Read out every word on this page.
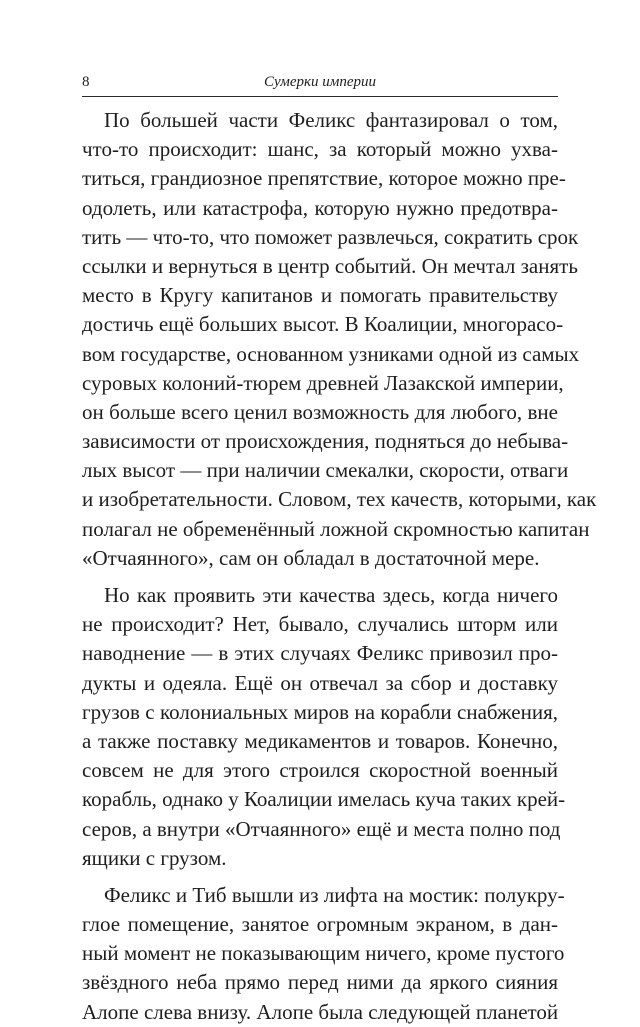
8	Сумерки империи
По большей части Феликс фантазировал о том,
что-то происходит: шанс, за который можно ухва-
титься, грандиозное препятствие, которое можно пре-
одолеть, или катастрофа, которую нужно предотвра-
тить — что-то, что поможет развлечься, сократить срок
ссылки и вернуться в центр событий. Он мечтал занять
место в Кругу капитанов и помогать правительству
достичь ещё больших высот. В Коалиции, многорасо-
вом государстве, основанном узниками одной из самых
суровых колоний-тюрем древней Лазакской империи,
он больше всего ценил возможность для любого, вне
зависимости от происхождения, подняться до небыва-
лых высот — при наличии смекалки, скорости, отваги
и изобретательности. Словом, тех качеств, которыми, как
полагал не обременённый ложной скромностью капитан
«Отчаянного», сам он обладал в достаточной мере.
Но как проявить эти качества здесь, когда ничего
не происходит? Нет, бывало, случались шторм или
наводнение — в этих случаях Феликс привозил про-
дукты и одеяла. Ещё он отвечал за сбор и доставку
грузов с колониальных миров на корабли снабжения,
а также поставку медикаментов и товаров. Конечно,
совсем не для этого строился скоростной военный
корабль, однако у Коалиции имелась куча таких крей-
серов, а внутри «Отчаянного» ещё и места полно под
ящики с грузом.
Феликс и Тиб вышли из лифта на мостик: полукру-
глое помещение, занятое огромным экраном, в дан-
ный момент не показывающим ничего, кроме пустого
звёздного неба прямо перед ними да яркого сияния
Алопе слева внизу. Алопе была следующей планетой
